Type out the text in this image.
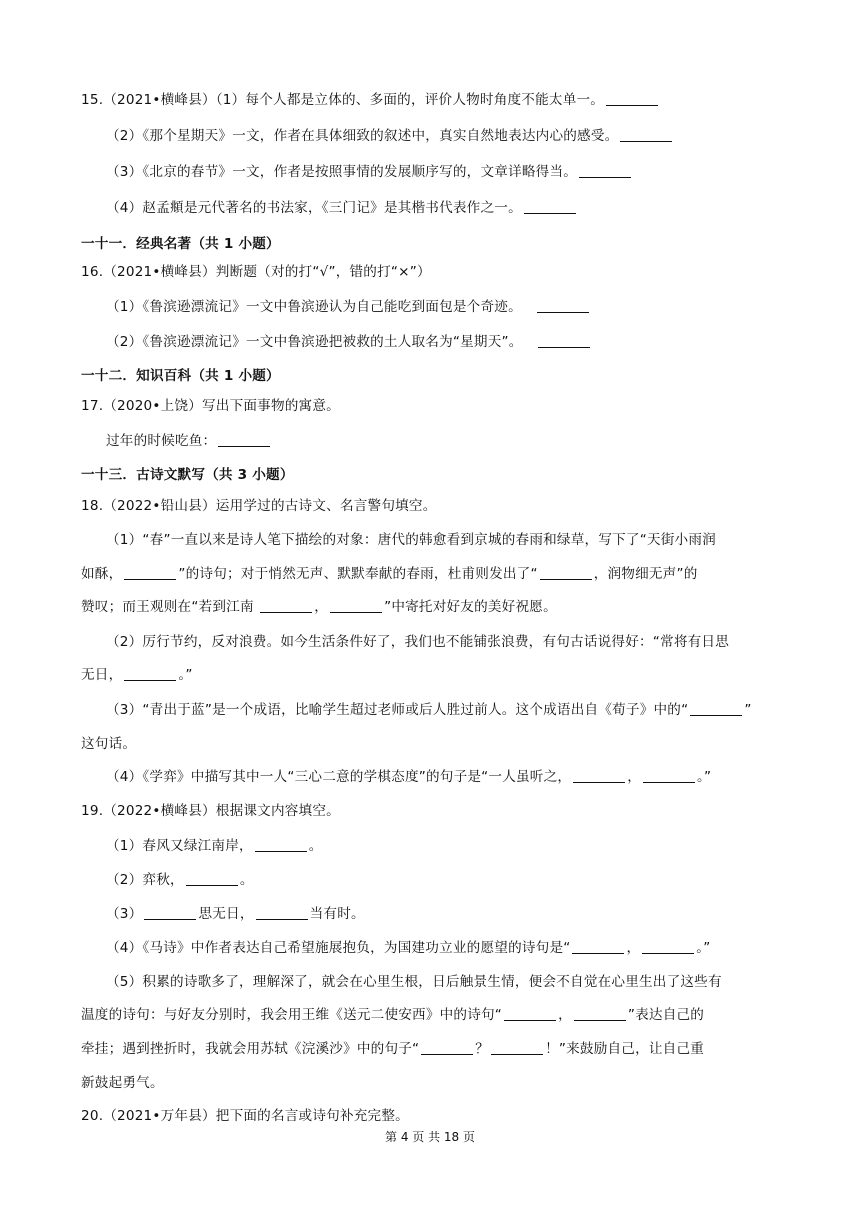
15.（2021•横峰县）（1）每个人都是立体的、多面的，评价人物时角度不能太单一。
（2）《那个星期天》一文，作者在具体细致的叙述中，真实自然地表达内心的感受。
（3）《北京的春节》一文，作者是按照事情的发展顺序写的，文章详略得当。
（4）赵孟頫是元代著名的书法家，《三门记》是其楷书代表作之一。
一十一．经典名著（共 1 小题）
16.（2021•横峰县）判断题（对的打“√”，错的打“×”）
（1）《鲁滨逊漂流记》一文中鲁滨逊认为自己能吃到面包是个奇迹。
（2）《鲁滨逊漂流记》一文中鲁滨逊把被救的土人取名为“星期天”。
一十二．知识百科（共 1 小题）
17.（2020•上饶）写出下面事物的寓意。
过年的时候吃鱼：
一十三．古诗文默写（共 3 小题）
18.（2022•铅山县）运用学过的古诗文、名言警句填空。
（1）“春”一直以来是诗人笔下描绘的对象：唐代的韩愈看到京城的春雨和绿草，写下了“天街小雨润
如酥，	”的诗句；对于悄然无声、默默奉献的春雨，杜甫则发出了“	，润物细无声”的
赞叹；而王观则在“若到江南	，	”中寄托对好友的美好祝愿。
（2）厉行节约，反对浪费。如今生活条件好了，我们也不能铺张浪费，有句古话说得好：“常将有日思
无日，	。”
（3）“青出于蓝”是一个成语，比喻学生超过老师或后人胜过前人。这个成语出自《荀子》中的“	”
这句话。
（4）《学弈》中描写其中一人“三心二意的学棋态度”的句子是“一人虽听之，	，	。”
19.（2022•横峰县）根据课文内容填空。
（1）春风又绿江南岸，	。
（2）弈秋，	。
（3）	思无日，	当有时。
（4）《马诗》中作者表达自己希望施展抱负，为国建功立业的愿望的诗句是“	，	。”
（5）积累的诗歌多了，理解深了，就会在心里生根，日后触景生情，便会不自觉在心里生出了这些有
温度的诗句：与好友分别时，我会用王维《送元二使安西》中的诗句“	，	”表达自己的
牵挂；遇到挫折时，我就会用苏轼《浣溪沙》中的句子“	？	！”来鼓励自己，让自己重
新鼓起勇气。
20.（2021•万年县）把下面的名言或诗句补充完整。
第 4 页 共 18 页
